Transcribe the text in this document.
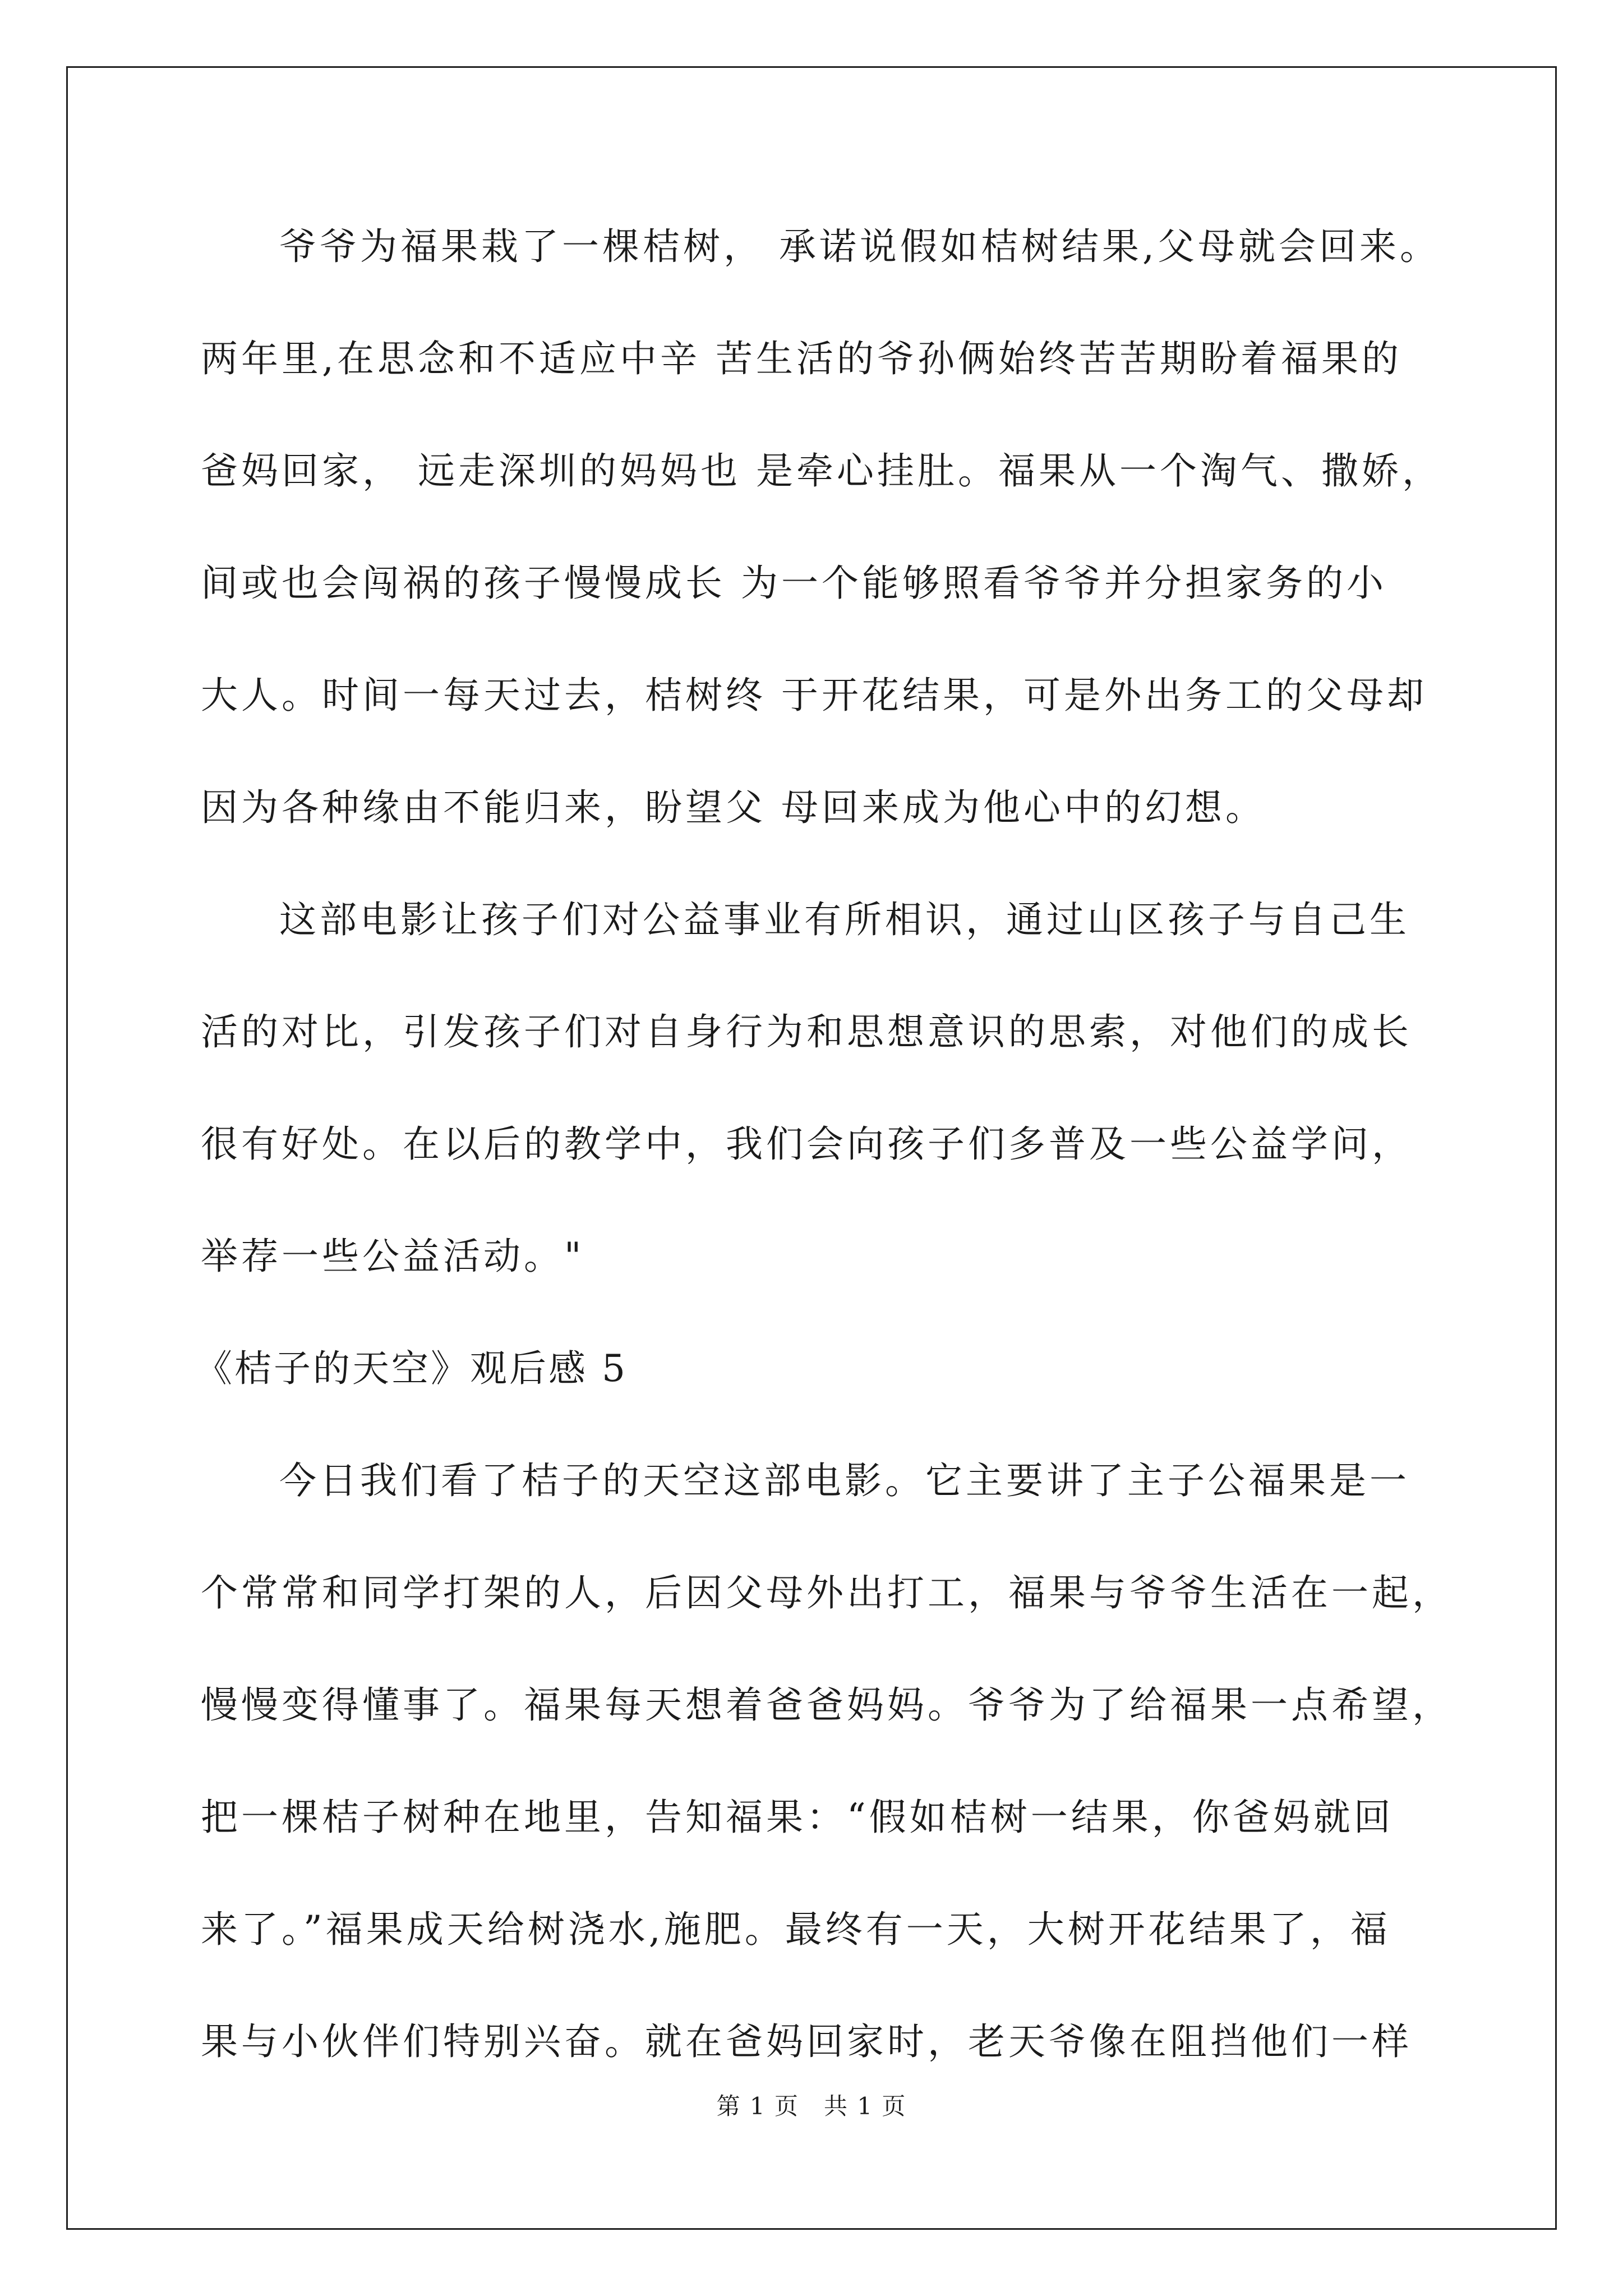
爷爷为福果栽了一棵桔树， 承诺说假如桔树结果,父母就会回来。
两年里,在思念和不适应中辛 苦生活的爷孙俩始终苦苦期盼着福果的
爸妈回家， 远走深圳的妈妈也 是牵心挂肚。福果从一个淘气、撒娇，
间或也会闯祸的孩子慢慢成长 为一个能够照看爷爷并分担家务的小
大人。时间一每天过去，桔树终 于开花结果，可是外出务工的父母却
因为各种缘由不能归来，盼望父 母回来成为他心中的幻想。
这部电影让孩子们对公益事业有所相识，通过山区孩子与自己生
活的对比，引发孩子们对自身行为和思想意识的思索，对他们的成长
很有好处。在以后的教学中，我们会向孩子们多普及一些公益学问，
举荐一些公益活动。"
《桔子的天空》观后感 5
今日我们看了桔子的天空这部电影。它主要讲了主子公福果是一
个常常和同学打架的人，后因父母外出打工，福果与爷爷生活在一起，
慢慢变得懂事了。福果每天想着爸爸妈妈。爷爷为了给福果一点希望，
把一棵桔子树种在地里，告知福果：“假如桔树一结果，你爸妈就回
来了。”福果成天给树浇水,施肥。最终有一天，大树开花结果了，福
果与小伙伴们特别兴奋。就在爸妈回家时，老天爷像在阻挡他们一样
第 1 页　共 1 页
